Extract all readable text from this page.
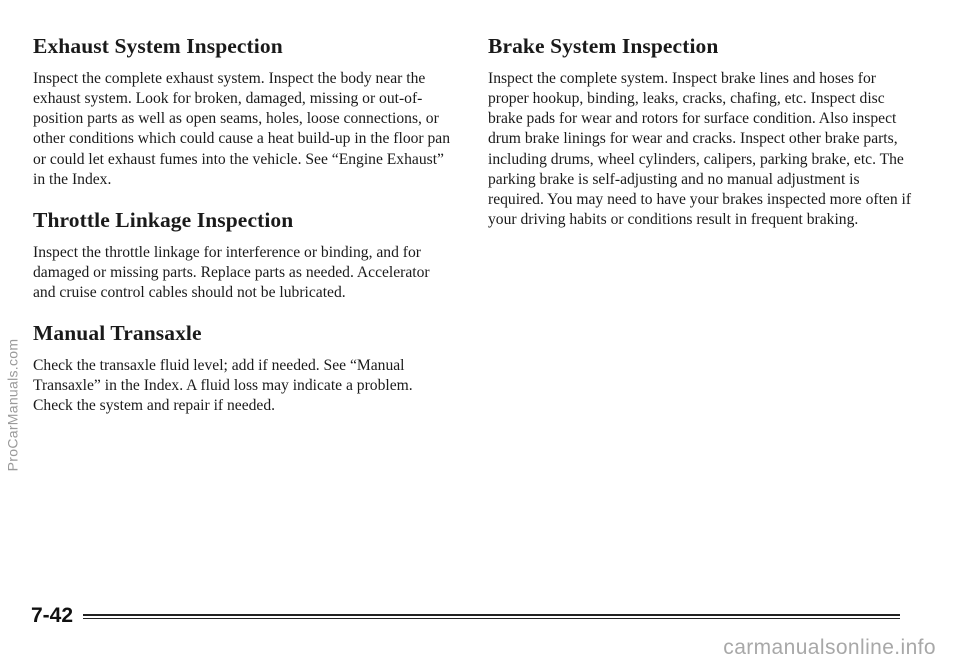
Exhaust System Inspection

Inspect the complete exhaust system. Inspect the body near the exhaust system. Look for broken, damaged, missing or out-of-position parts as well as open seams, holes, loose connections, or other conditions which could cause a heat build-up in the floor pan or could let exhaust fumes into the vehicle. See “Engine Exhaust” in the Index.

Throttle Linkage Inspection

Inspect the throttle linkage for interference or binding, and for damaged or missing parts. Replace parts as needed. Accelerator and cruise control cables should not be lubricated.

Manual Transaxle

Check the transaxle fluid level; add if needed. See “Manual Transaxle” in the Index. A fluid loss may indicate a problem. Check the system and repair if needed.

Brake System Inspection

Inspect the complete system. Inspect brake lines and hoses for proper hookup, binding, leaks, cracks, chafing, etc. Inspect disc brake pads for wear and rotors for surface condition. Also inspect drum brake linings for wear and cracks. Inspect other brake parts, including drums, wheel cylinders, calipers, parking brake, etc. The parking brake is self-adjusting and no manual adjustment is required. You may need to have your brakes inspected more often if your driving habits or conditions result in frequent braking.

ProCarManuals.com
7-42
carmanualsonline.info
